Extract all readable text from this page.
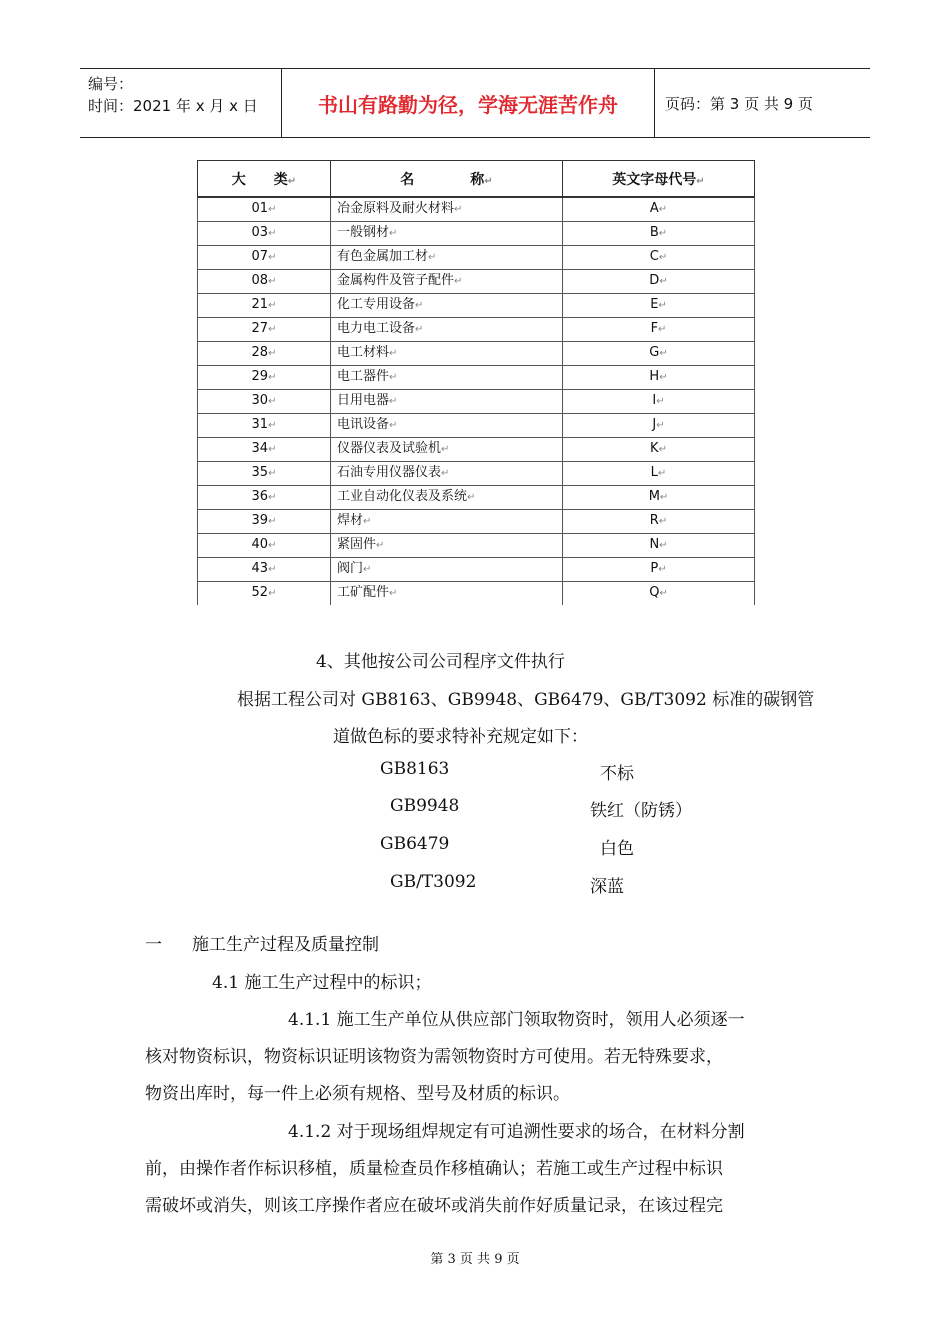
编号：
时间：2021 年 x 月 x 日	书山有路勤为径，学海无涯苦作舟	页码：第 3 页 共 9 页
大　　类↵	名　　　　称↵	英文字母代号↵
01↵	冶金原料及耐火材料↵	A↵
03↵	一般钢材↵	B↵
07↵	有色金属加工材↵	C↵
08↵	金属构件及管子配件↵	D↵
21↵	化工专用设备↵	E↵
27↵	电力电工设备↵	F↵
28↵	电工材料↵	G↵
29↵	电工器件↵	H↵
30↵	日用电器↵	I↵
31↵	电讯设备↵	J↵
34↵	仪器仪表及试验机↵	K↵
35↵	石油专用仪器仪表↵	L↵
36↵	工业自动化仪表及系统↵	M↵
39↵	焊材↵	R↵
40↵	紧固件↵	N↵
43↵	阀门↵	P↵
52↵	工矿配件↵	Q↵
4、其他按公司公司程序文件执行
根据工程公司对 GB8163、GB9948、GB6479、GB/T3092 标准的碳钢管
道做色标的要求特补充规定如下：
GB8163	不标
GB9948	铁红（防锈）
GB6479	白色
GB/T3092	深蓝
一 施工生产过程及质量控制
4.1 施工生产过程中的标识；
4.1.1 施工生产单位从供应部门领取物资时，领用人必须逐一
核对物资标识，物资标识证明该物资为需领物资时方可使用。若无特殊要求，
物资出库时，每一件上必须有规格、型号及材质的标识。
4.1.2 对于现场组焊规定有可追溯性要求的场合，在材料分割
前，由操作者作标识移植，质量检查员作移植确认；若施工或生产过程中标识
需破坏或消失，则该工序操作者应在破坏或消失前作好质量记录，在该过程完
第 3 页 共 9 页
